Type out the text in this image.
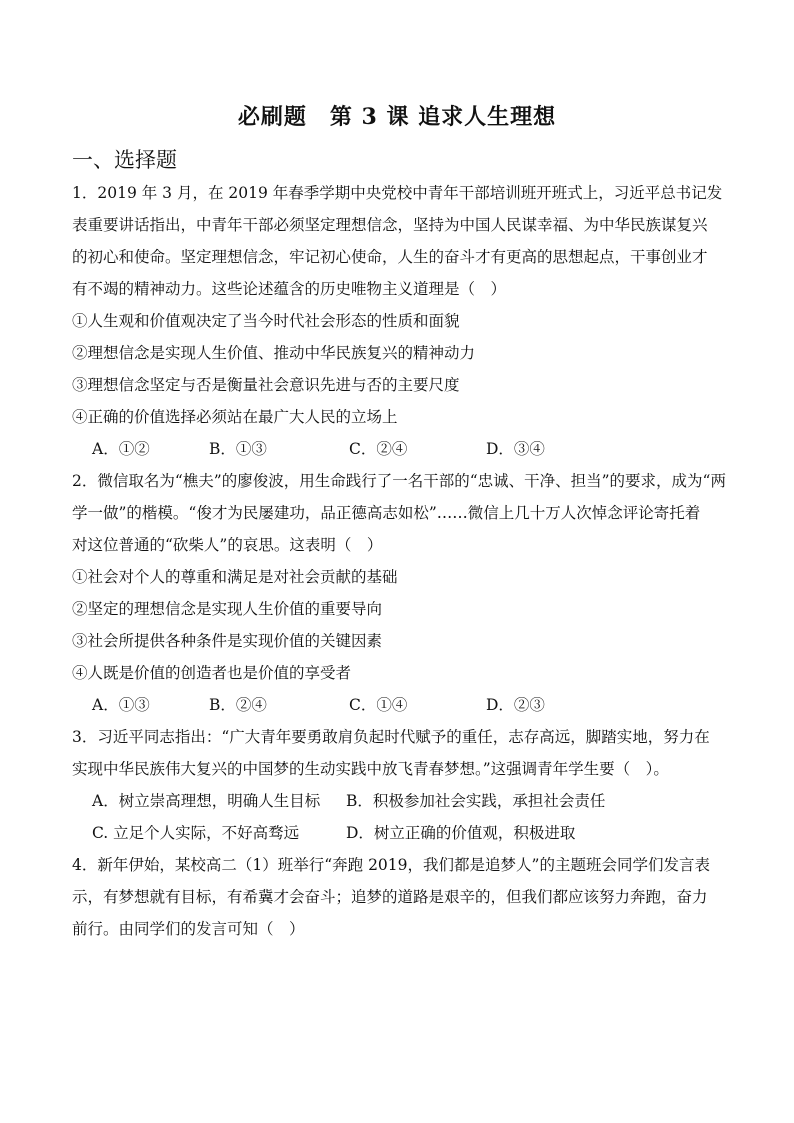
必刷题　第 3 课 追求人生理想
一、选择题
1．2019 年 3 月，在 2019 年春季学期中央党校中青年干部培训班开班式上，习近平总书记发
表重要讲话指出，中青年干部必须坚定理想信念，坚持为中国人民谋幸福、为中华民族谋复兴
的初心和使命。坚定理想信念，牢记初心使命，人生的奋斗才有更高的思想起点，干事创业才
有不竭的精神动力。这些论述蕴含的历史唯物主义道理是（　）
①人生观和价值观决定了当今时代社会形态的性质和面貌
②理想信念是实现人生价值、推动中华民族复兴的精神动力
③理想信念坚定与否是衡量社会意识先进与否的主要尺度
④正确的价值选择必须站在最广大人民的立场上
A．①②	B．①③	C．②④	D．③④
2．微信取名为“樵夫”的廖俊波，用生命践行了一名干部的“忠诚、干净、担当”的要求，成为“两
学一做”的楷模。“俊才为民屡建功，品正德高志如松”……微信上几十万人次悼念评论寄托着
对这位普通的“砍柴人”的哀思。这表明（　）
①社会对个人的尊重和满足是对社会贡献的基础
②坚定的理想信念是实现人生价值的重要导向
③社会所提供各种条件是实现价值的关键因素
④人既是价值的创造者也是价值的享受者
A．①③	B．②④	C．①④	D．②③
3．习近平同志指出：“广大青年要勇敢肩负起时代赋予的重任，志存高远，脚踏实地，努力在
实现中华民族伟大复兴的中国梦的生动实践中放飞青春梦想。”这强调青年学生要（　）。
A．树立崇高理想，明确人生目标 B．积极参加社会实践，承担社会责任
C. 立足个人实际，不好高骛远	D．树立正确的价值观，积极进取
4．新年伊始，某校高二（1）班举行“奔跑 2019，我们都是追梦人”的主题班会同学们发言表
示，有梦想就有目标，有希冀才会奋斗；追梦的道路是艰辛的，但我们都应该努力奔跑，奋力
前行。由同学们的发言可知（　）
